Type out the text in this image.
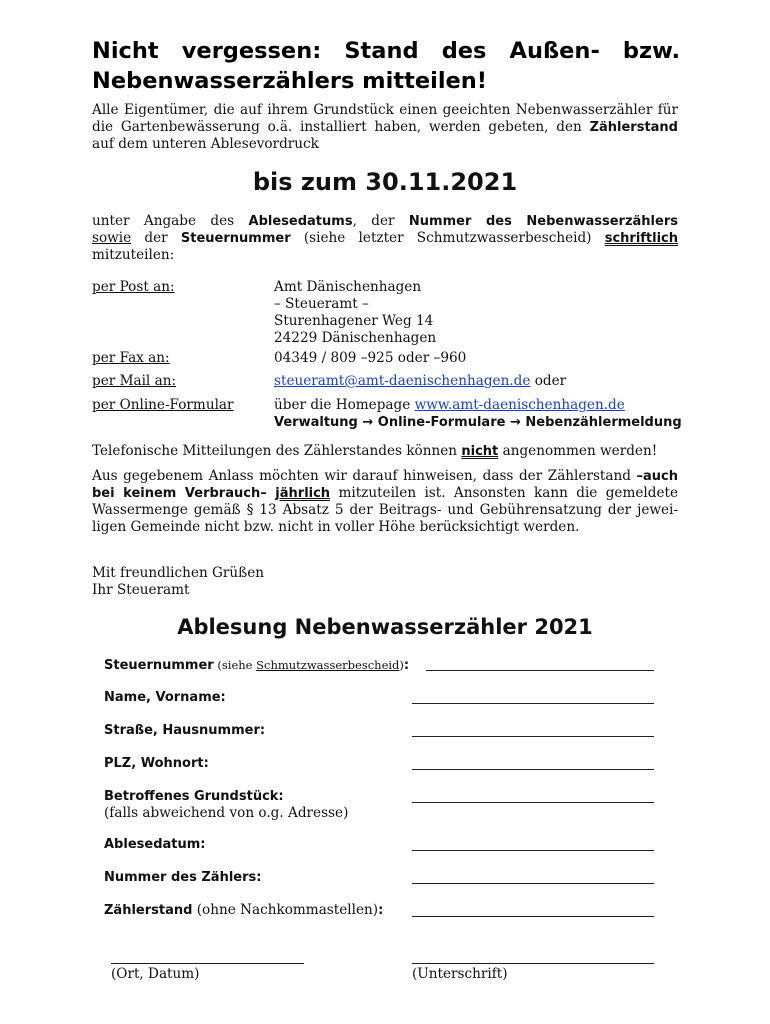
Nicht vergessen: Stand des Außen- bzw. Nebenwasserzählers mitteilen!

Alle Eigentümer, die auf ihrem Grundstück einen geeichten Nebenwasserzähler für
die Gartenbewässerung o.ä. installiert haben, werden gebeten, den Zählerstand
auf dem unteren Ablesevordruck

bis zum 30.11.2021

unter Angabe des Ablesedatums, der Nummer des Nebenwasserzählers
sowie der Steuernummer (siehe letzter Schmutzwasserbescheid) schriftlich
mitzuteilen:

per Post an:	Amt Dänischenhagen
– Steueramt –
Sturenhagener Weg 14
24229 Dänischenhagen
per Fax an:	04349 / 809 –925 oder –960
per Mail an:	steueramt@amt-daenischenhagen.de oder
per Online-Formular	über die Homepage www.amt-daenischenhagen.de
Verwaltung → Online-Formulare → Nebenzählermeldung

Telefonische Mitteilungen des Zählerstandes können nicht angenommen werden!

Aus gegebenem Anlass möchten wir darauf hinweisen, dass der Zählerstand –auch
bei keinem Verbrauch– jährlich mitzuteilen ist. Ansonsten kann die gemeldete
Wassermenge gemäß § 13 Absatz 5 der Beitrags- und Gebührensatzung der jewei-
ligen Gemeinde nicht bzw. nicht in voller Höhe berücksichtigt werden.

Mit freundlichen Grüßen
Ihr Steueramt
Ablesung Nebenwasserzähler 2021
Steuernummer (siehe Schmutzwasserbescheid):
Name, Vorname:
Straße, Hausnummer:
PLZ, Wohnort:
Betroffenes Grundstück:
(falls abweichend von o.g. Adresse)
Ablesedatum:
Nummer des Zählers:
Zählerstand (ohne Nachkommastellen):
(Ort, Datum)	(Unterschrift)
